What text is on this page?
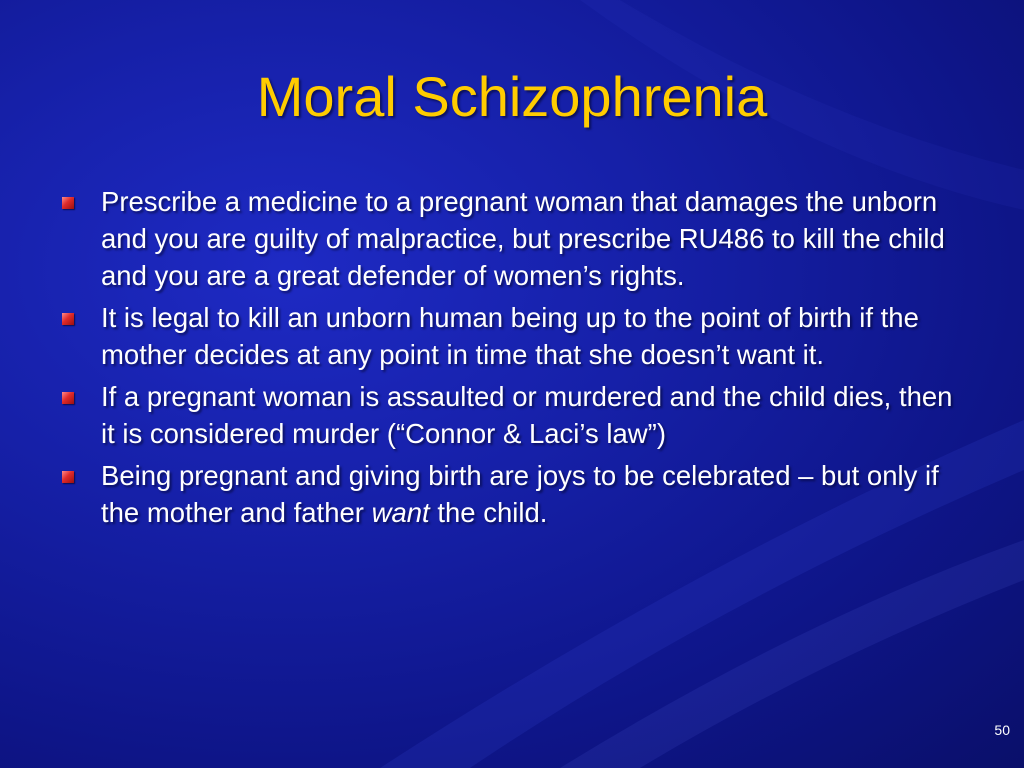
Moral Schizophrenia
Prescribe a medicine to a pregnant woman that damages the unborn and you are guilty of malpractice, but prescribe RU486 to kill the child and you are a great defender of women’s rights.
It is legal to kill an unborn human being up to the point of birth if the mother decides at any point in time that she doesn’t want it.
If a pregnant woman is assaulted or murdered and the child dies, then it is considered murder (“Connor & Laci’s law”)
Being pregnant and giving birth are joys to be celebrated – but only if the mother and father want the child.
50
